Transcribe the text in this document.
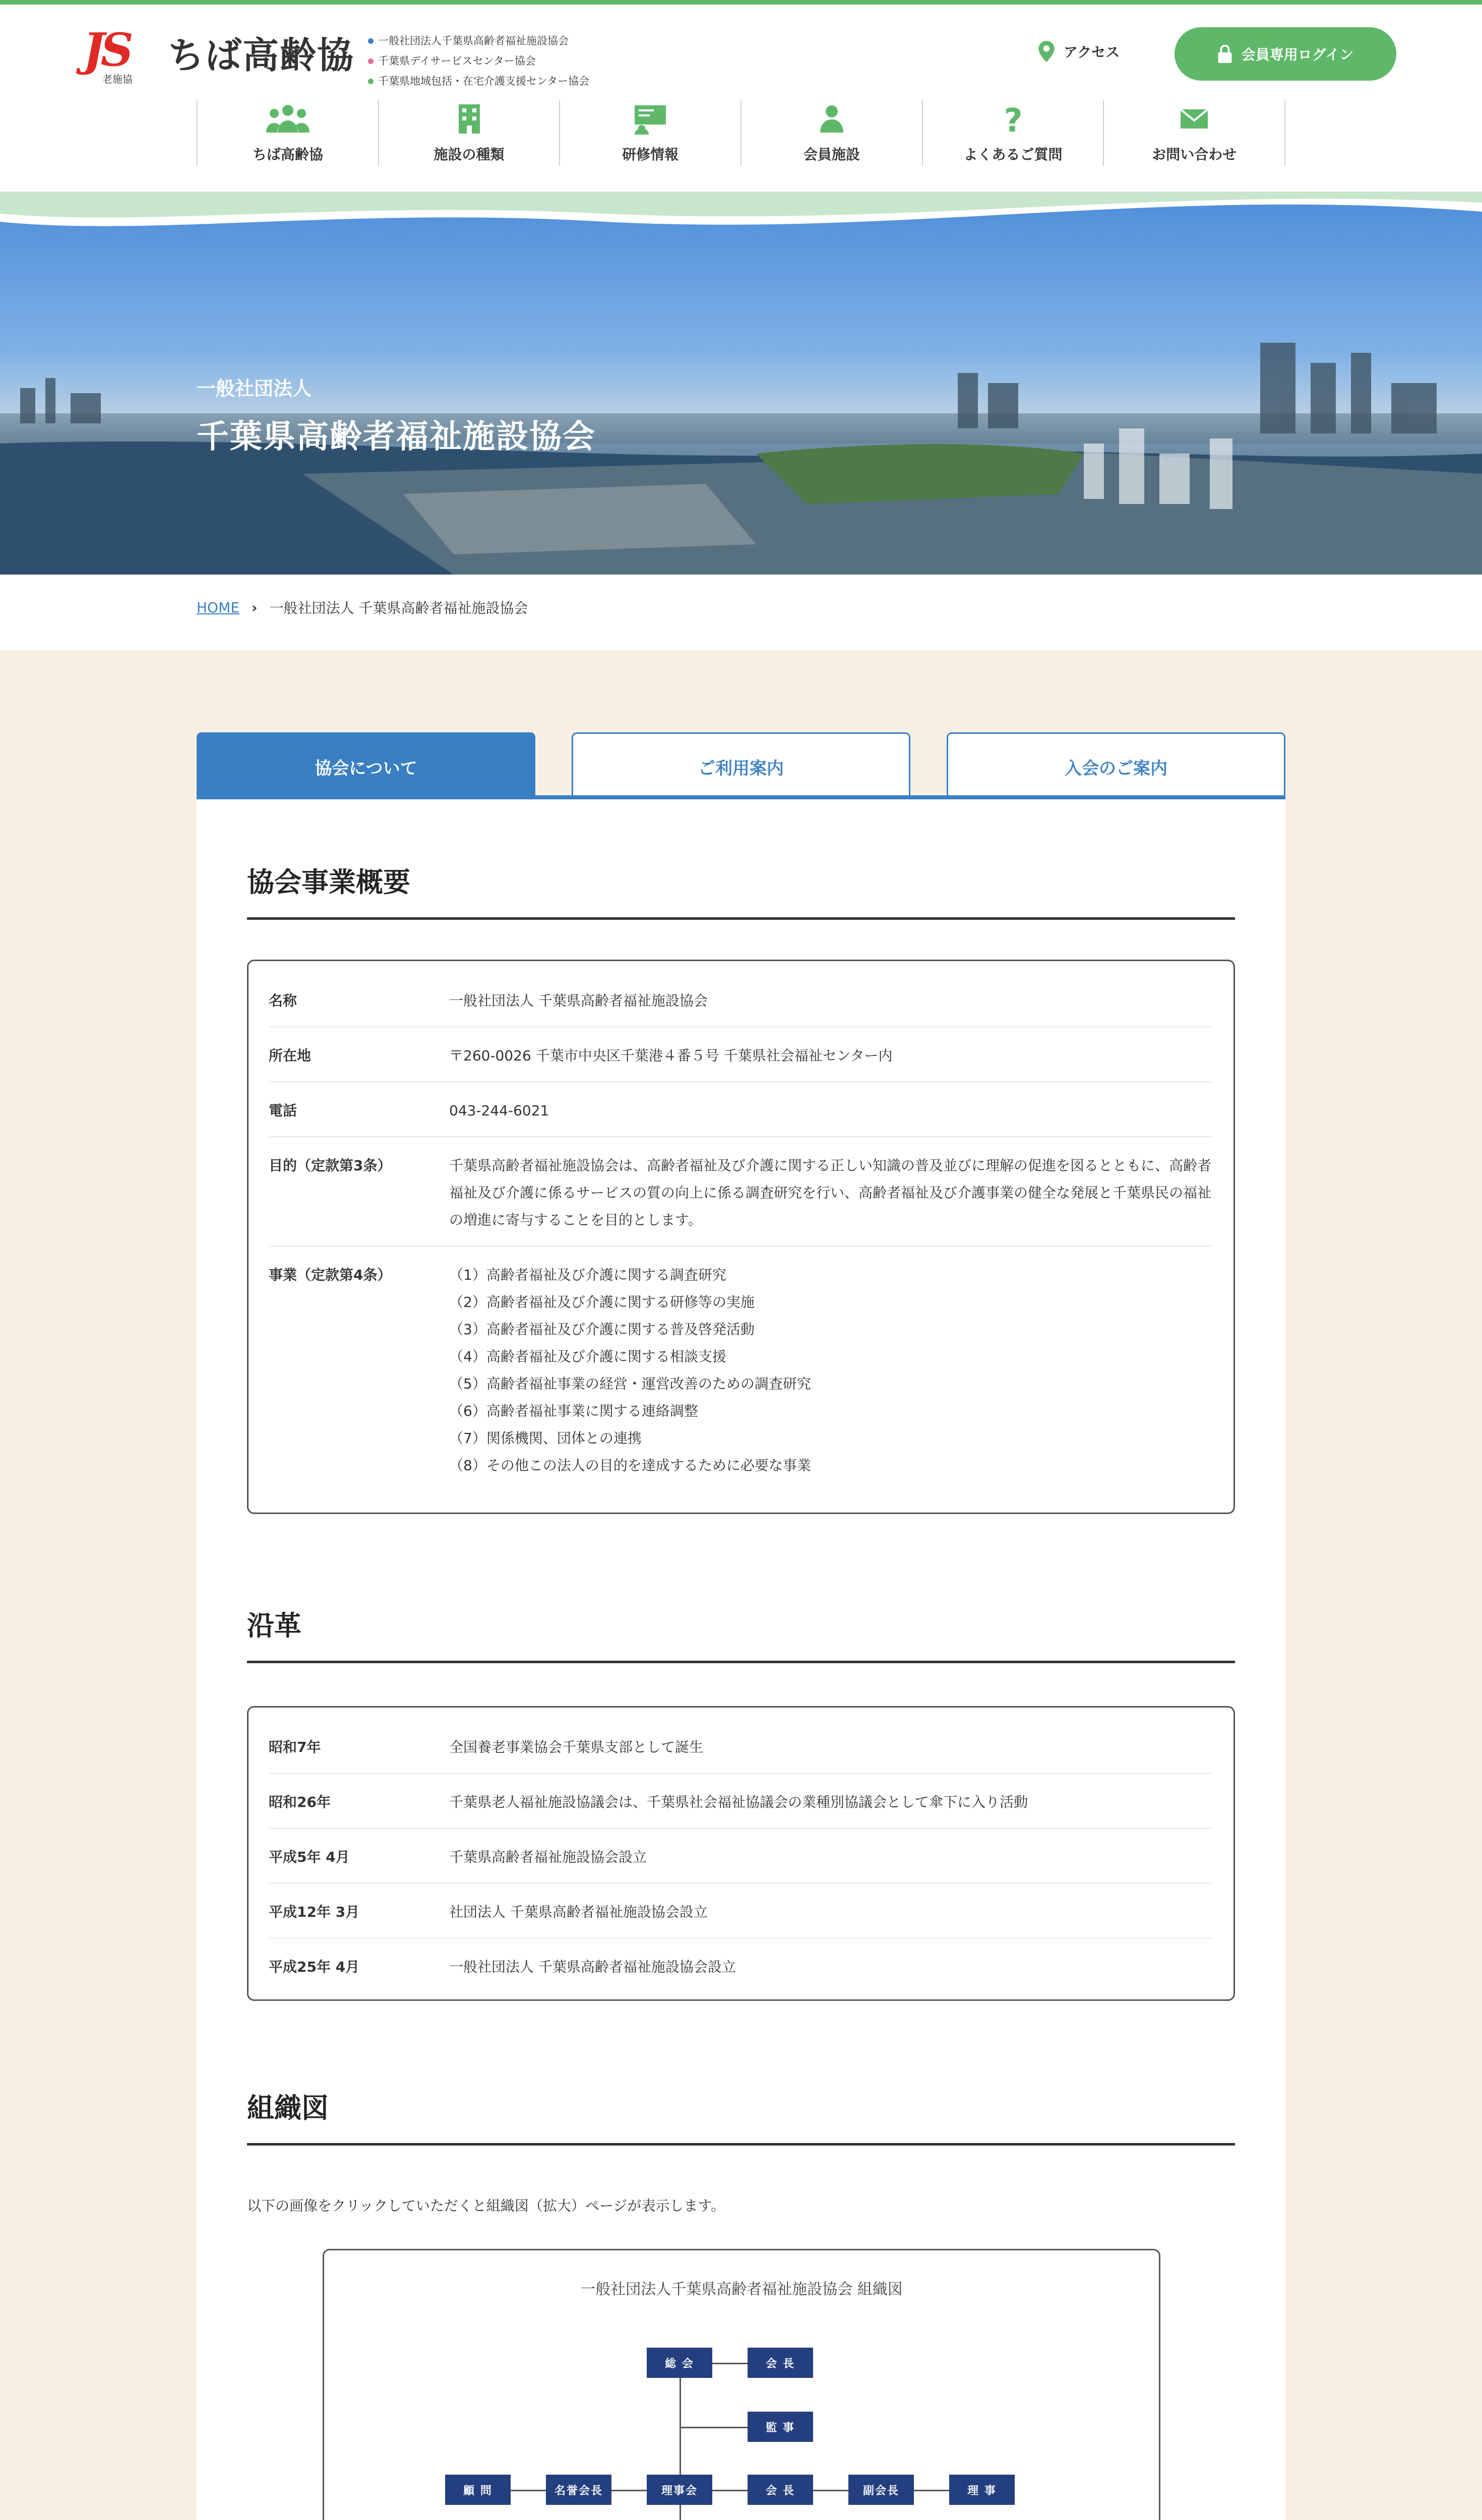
JS
老施協
ちば高齢協	一般社団法人千葉県高齢者福祉施設協会
千葉県デイサービスセンター協会
千葉県地域包括・在宅介護支援センター協会
アクセス	会員専用ログイン
ちば高齢協	施設の種類	研修情報	会員施設
?
よくあるご質問	お問い合わせ
一般社団法人
千葉県高齢者福祉施設協会
HOME › 一般社団法人 千葉県高齢者福祉施設協会
協会について	ご利用案内	入会のご案内
協会事業概要
名称	一般社団法人 千葉県高齢者福祉施設協会
所在地	〒260-0026 千葉市中央区千葉港４番５号 千葉県社会福祉センター内
電話	043-244-6021
目的（定款第3条）	千葉県高齢者福祉施設協会は、高齢者福祉及び介護に関する正しい知識の普及並びに理解の促進を図るとともに、高齢者福祉及び介護に係るサービスの質の向上に係る調査研究を行い、高齢者福祉及び介護事業の健全な発展と千葉県民の福祉の増進に寄与することを目的とします。
事業（定款第4条）	（1）高齢者福祉及び介護に関する調査研究
（2）高齢者福祉及び介護に関する研修等の実施
（3）高齢者福祉及び介護に関する普及啓発活動
（4）高齢者福祉及び介護に関する相談支援
（5）高齢者福祉事業の経営・運営改善のための調査研究
（6）高齢者福祉事業に関する連絡調整
（7）関係機関、団体との連携
（8）その他この法人の目的を達成するために必要な事業
沿革
昭和7年	全国養老事業協会千葉県支部として誕生
昭和26年	千葉県老人福祉施設協議会は、千葉県社会福祉協議会の業種別協議会として傘下に入り活動
平成5年 4月	千葉県高齢者福祉施設協会設立
平成12年 3月	社団法人 千葉県高齢者福祉施設協会設立
平成25年 4月	一般社団法人 千葉県高齢者福祉施設協会設立
組織図

以下の画像をクリックしていただくと組織図（拡大）ページが表示します。

一般社団法人千葉県高齢者福祉施設協会 組織図
総 会	会 長
監 事
顧 問	名誉会長	理事会	会 長	副会長	理 事
